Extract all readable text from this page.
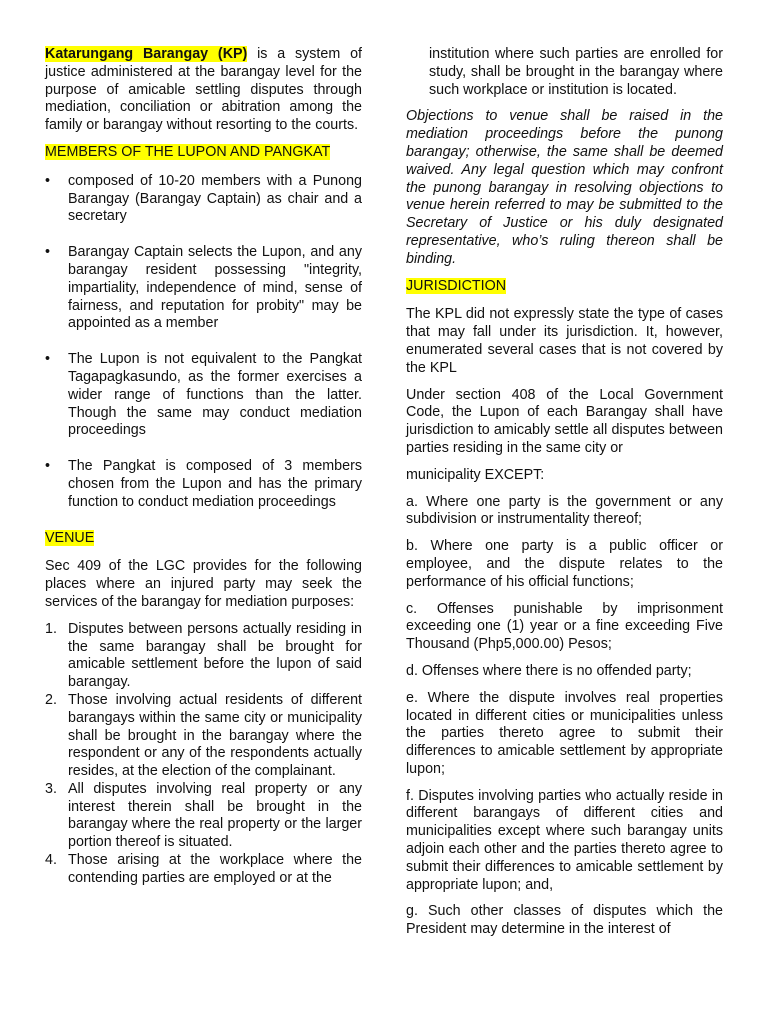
Katarungang Barangay (KP) is a system of justice administered at the barangay level for the purpose of amicable settling disputes through mediation, conciliation or abitration among the family or barangay without resorting to the courts.

MEMBERS OF THE LUPON AND PANGKAT
• composed of 10-20 members with a Punong Barangay (Barangay Captain) as chair and a secretary
• Barangay Captain selects the Lupon, and any barangay resident possessing "integrity, impartiality, independence of mind, sense of fairness, and reputation for probity" may be appointed as a member
• The Lupon is not equivalent to the Pangkat Tagapagkasundo, as the former exercises a wider range of functions than the latter. Though the same may conduct mediation proceedings
• The Pangkat is composed of 3 members chosen from the Lupon and has the primary function to conduct mediation proceedings
VENUE

Sec 409 of the LGC provides for the following places where an injured party may seek the services of the barangay for mediation purposes:

1. Disputes between persons actually residing in the same barangay shall be brought for amicable settlement before the lupon of said barangay.
2. Those involving actual residents of different barangays within the same city or municipality shall be brought in the barangay where the respondent or any of the respondents actually resides, at the election of the complainant.
3. All disputes involving real property or any interest therein shall be brought in the barangay where the real property or the larger portion thereof is situated.
4. Those arising at the workplace where the contending parties are employed or at the

institution where such parties are enrolled for study, shall be brought in the barangay where such workplace or institution is located.

Objections to venue shall be raised in the mediation proceedings before the punong barangay; otherwise, the same shall be deemed waived. Any legal question which may confront the punong barangay in resolving objections to venue herein referred to may be submitted to the Secretary of Justice or his duly designated representative, who’s ruling thereon shall be binding.

JURISDICTION

The KPL did not expressly state the type of cases that may fall under its jurisdiction. It, however, enumerated several cases that is not covered by the KPL

Under section 408 of the Local Government Code, the Lupon of each Barangay shall have jurisdiction to amicably settle all disputes between parties residing in the same city or

municipality EXCEPT:

a. Where one party is the government or any subdivision or instrumentality thereof;

b. Where one party is a public officer or employee, and the dispute relates to the performance of his official functions;

c. Offenses punishable by imprisonment exceeding one (1) year or a fine exceeding Five Thousand (Php5,000.00) Pesos;

d. Offenses where there is no offended party;

e. Where the dispute involves real properties located in different cities or municipalities unless the parties thereto agree to submit their differences to amicable settlement by appropriate lupon;

f. Disputes involving parties who actually reside in different barangays of different cities and municipalities except where such barangay units adjoin each other and the parties thereto agree to submit their differences to amicable settlement by appropriate lupon; and,

g. Such other classes of disputes which the President may determine in the interest of
